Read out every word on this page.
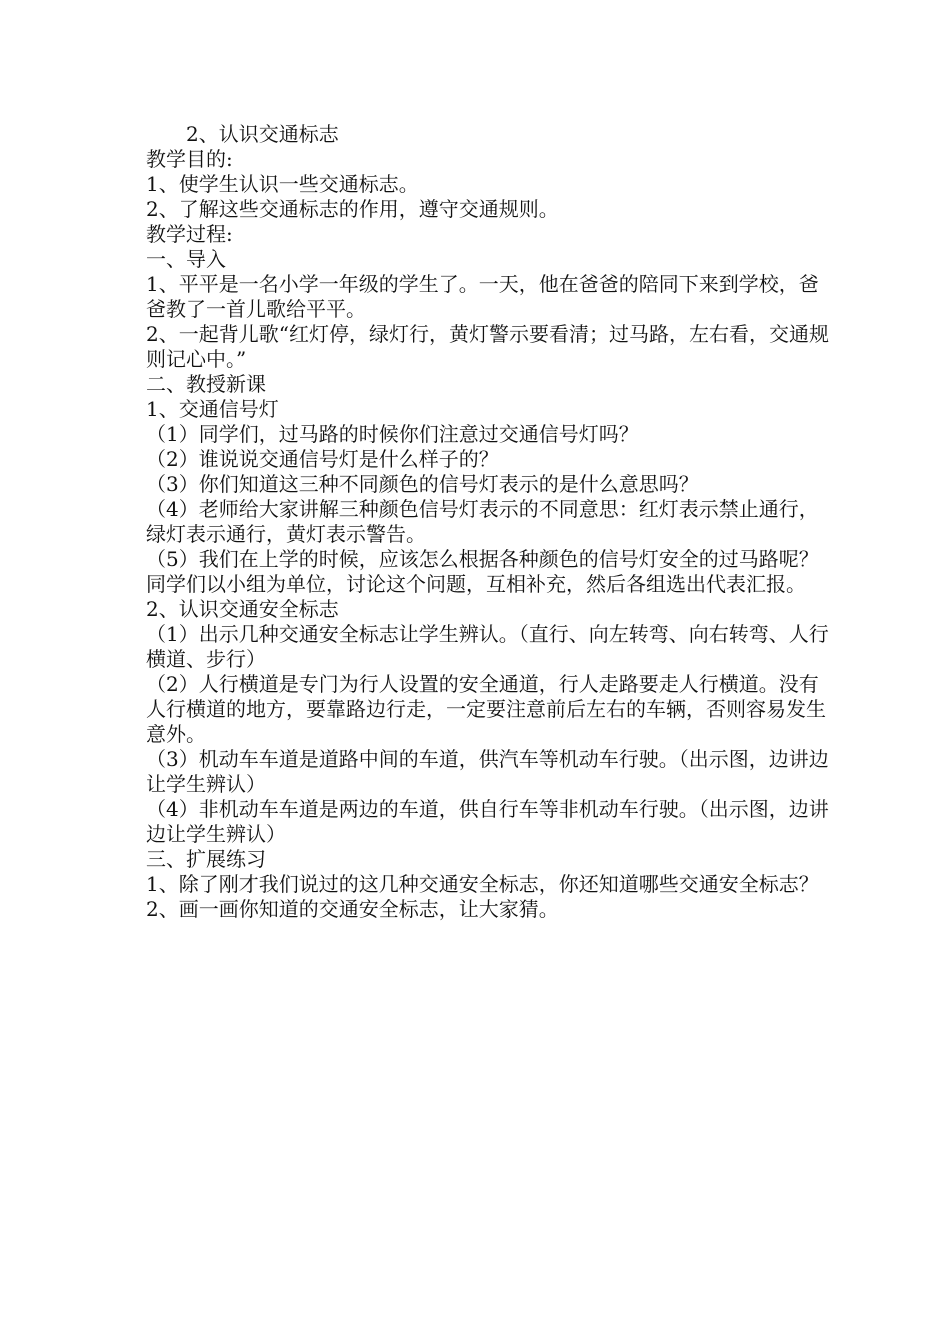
2、认识交通标志

教学目的:

1、使学生认识一些交通标志。

2、了解这些交通标志的作用，遵守交通规则。

教学过程:

一、导入

1、平平是一名小学一年级的学生了。一天，他在爸爸的陪同下来到学校，爸爸教了一首儿歌给平平。

2、一起背儿歌“红灯停，绿灯行，黄灯警示要看清；过马路，左右看，交通规则记心中。”

二、教授新课

1、交通信号灯

（1）同学们，过马路的时候你们注意过交通信号灯吗？

（2）谁说说交通信号灯是什么样子的？

（3）你们知道这三种不同颜色的信号灯表示的是什么意思吗？

（4）老师给大家讲解三种颜色信号灯表示的不同意思：红灯表示禁止通行，绿灯表示通行，黄灯表示警告。

（5）我们在上学的时候，应该怎么根据各种颜色的信号灯安全的过马路呢？同学们以小组为单位，讨论这个问题，互相补充，然后各组选出代表汇报。

2、认识交通安全标志

（1）出示几种交通安全标志让学生辨认。（直行、向左转弯、向右转弯、人行横道、步行）

（2）人行横道是专门为行人设置的安全通道，行人走路要走人行横道。没有人行横道的地方，要靠路边行走，一定要注意前后左右的车辆，否则容易发生意外。

（3）机动车车道是道路中间的车道，供汽车等机动车行驶。（出示图，边讲边让学生辨认）

（4）非机动车车道是两边的车道，供自行车等非机动车行驶。（出示图，边讲边让学生辨认）

三、扩展练习

1、除了刚才我们说过的这几种交通安全标志，你还知道哪些交通安全标志？

2、画一画你知道的交通安全标志，让大家猜。
